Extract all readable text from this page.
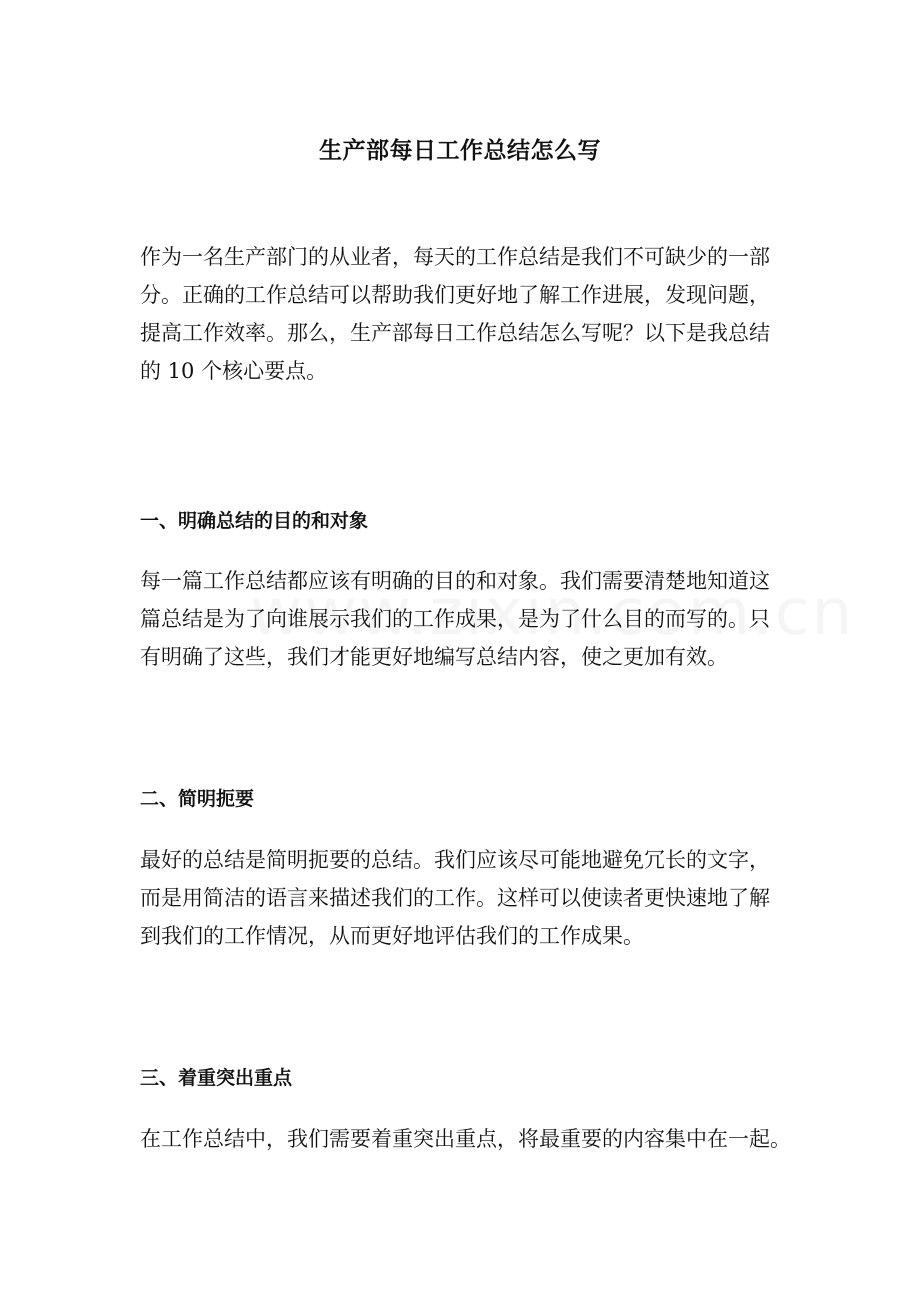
生产部每日工作总结怎么写

作为一名生产部门的从业者，每天的工作总结是我们不可缺少的一部
分。正确的工作总结可以帮助我们更好地了解工作进展，发现问题，
提高工作效率。那么，生产部每日工作总结怎么写呢？以下是我总结
的 10 个核心要点。

一、明确总结的目的和对象

每一篇工作总结都应该有明确的目的和对象。我们需要清楚地知道这
篇总结是为了向谁展示我们的工作成果，是为了什么目的而写的。只
有明确了这些，我们才能更好地编写总结内容，使之更加有效。

二、简明扼要

最好的总结是简明扼要的总结。我们应该尽可能地避免冗长的文字，
而是用简洁的语言来描述我们的工作。这样可以使读者更快速地了解
到我们的工作情况，从而更好地评估我们的工作成果。

三、着重突出重点

在工作总结中，我们需要着重突出重点，将最重要的内容集中在一起。
